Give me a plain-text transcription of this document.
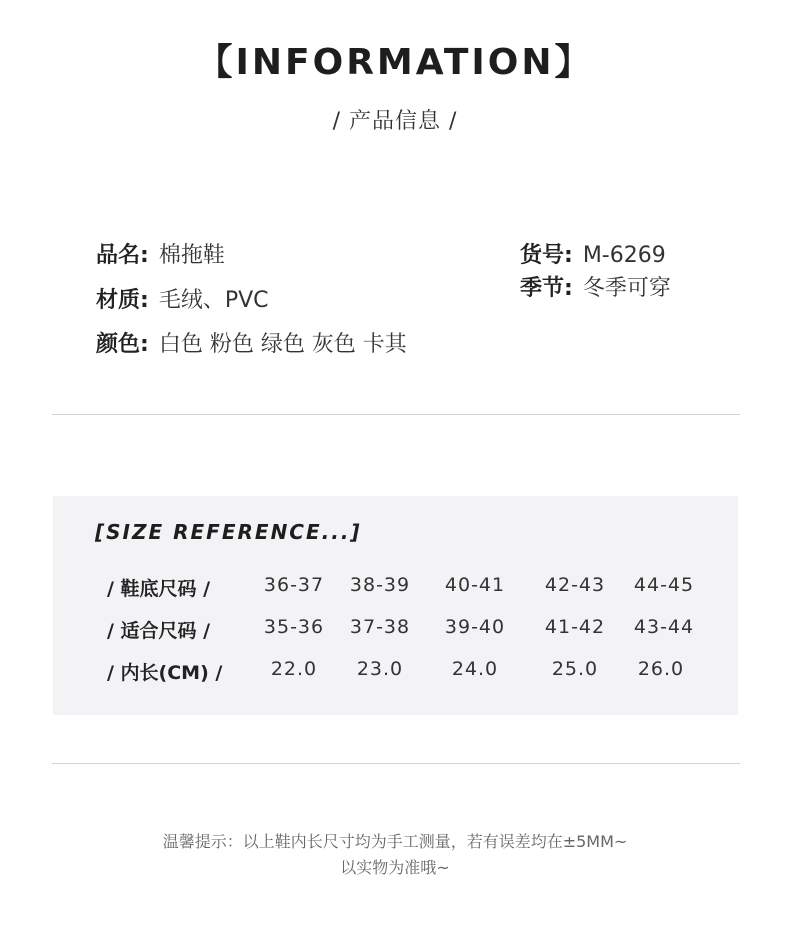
【INFORMATION】
/ 产品信息 /
品名: 棉拖鞋
材质: 毛绒、PVC
颜色: 白色 粉色 绿色 灰色 卡其
货号: M-6269
季节: 冬季可穿
[SIZE REFERENCE...]
/ 鞋底尺码 /	36-37	38-39	40-41	42-43	44-45
/ 适合尺码 /	35-36	37-38	39-40	41-42	43-44
/ 内长(CM) /	22.0	23.0	24.0	25.0	26.0
温馨提示：以上鞋内长尺寸均为手工测量，若有误差均在±5MM~
以实物为准哦~
